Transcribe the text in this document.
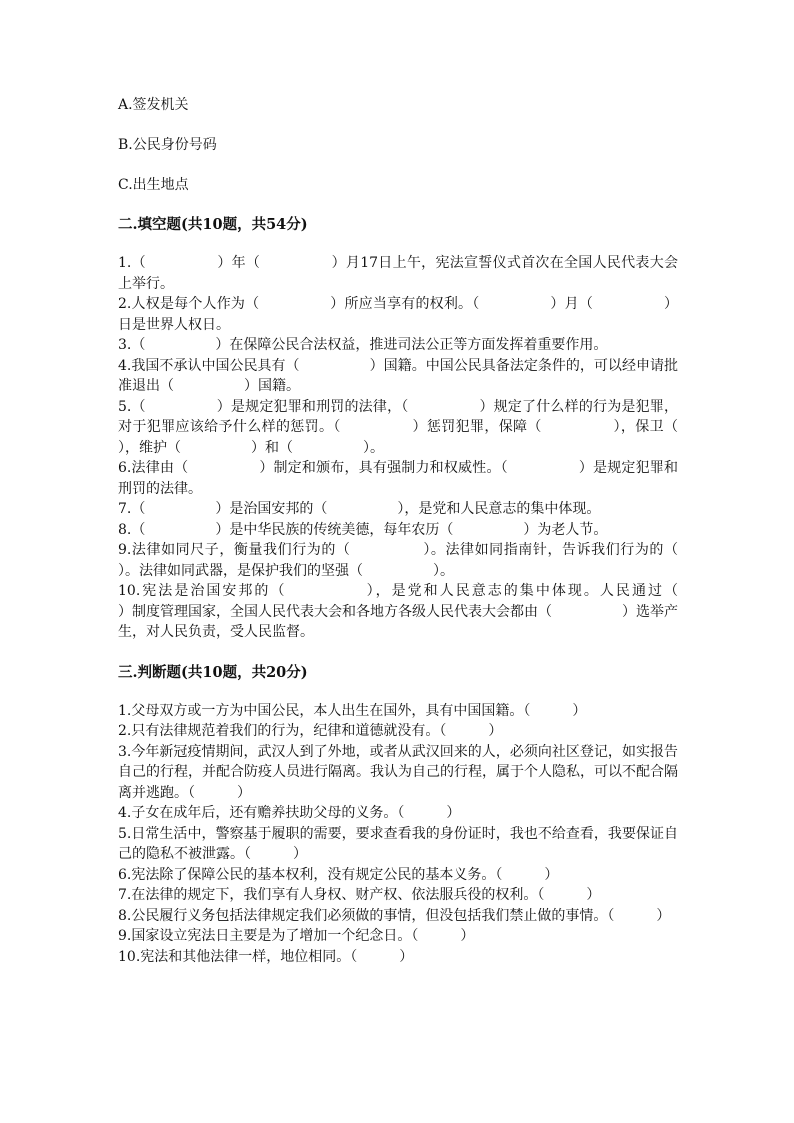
A.签发机关

B.公民身份号码

C.出生地点

二.填空题(共10题，共54分)

1.（　　　　　）年（　　　　　）月17日上午，宪法宣誓仪式首次在全国人民代表大会上举行。
2.人权是每个人作为（　　　　　）所应当享有的权利。（　　　　　）月（　　　　　）日是世界人权日。
3.（　　　　　）在保障公民合法权益，推进司法公正等方面发挥着重要作用。
4.我国不承认中国公民具有（　　　　　）国籍。中国公民具备法定条件的，可以经申请批准退出（　　　　　）国籍。
5.（　　　　　）是规定犯罪和刑罚的法律，（　　　　　）规定了什么样的行为是犯罪，对于犯罪应该给予什么样的惩罚。（　　　　　）惩罚犯罪，保障（　　　　　），保卫（　　　　　），维护（　　　　　）和（　　　　　）。
6.法律由（　　　　　）制定和颁布，具有强制力和权威性。（　　　　　）是规定犯罪和刑罚的法律。
7.（　　　　　）是治国安邦的（　　　　　），是党和人民意志的集中体现。
8.（　　　　　）是中华民族的传统美德，每年农历（　　　　　）为老人节。
9.法律如同尺子，衡量我们行为的（　　　　　）。法律如同指南针，告诉我们行为的（　　　　　）。法律如同武器，是保护我们的坚强（　　　　　）。
10.宪法是治国安邦的（　　　　　），是党和人民意志的集中体现。人民通过（　　　　　）制度管理国家，全国人民代表大会和各地方各级人民代表大会都由（　　　　　）选举产生，对人民负责，受人民监督。

三.判断题(共10题，共20分)

1.父母双方或一方为中国公民，本人出生在国外，具有中国国籍。（　　　）
2.只有法律规范着我们的行为，纪律和道德就没有。（　　　）
3.今年新冠疫情期间，武汉人到了外地，或者从武汉回来的人，必须向社区登记，如实报告自己的行程，并配合防疫人员进行隔离。我认为自己的行程，属于个人隐私，可以不配合隔离并逃跑。（　　　）
4.子女在成年后，还有赡养扶助父母的义务。（　　　）
5.日常生活中，警察基于履职的需要，要求查看我的身份证时，我也不给查看，我要保证自己的隐私不被泄露。（　　　）
6.宪法除了保障公民的基本权利，没有规定公民的基本义务。（　　　）
7.在法律的规定下，我们享有人身权、财产权、依法服兵役的权利。（　　　）
8.公民履行义务包括法律规定我们必须做的事情，但没包括我们禁止做的事情。（　　　）
9.国家设立宪法日主要是为了增加一个纪念日。（　　　）
10.宪法和其他法律一样，地位相同。（　　　）
